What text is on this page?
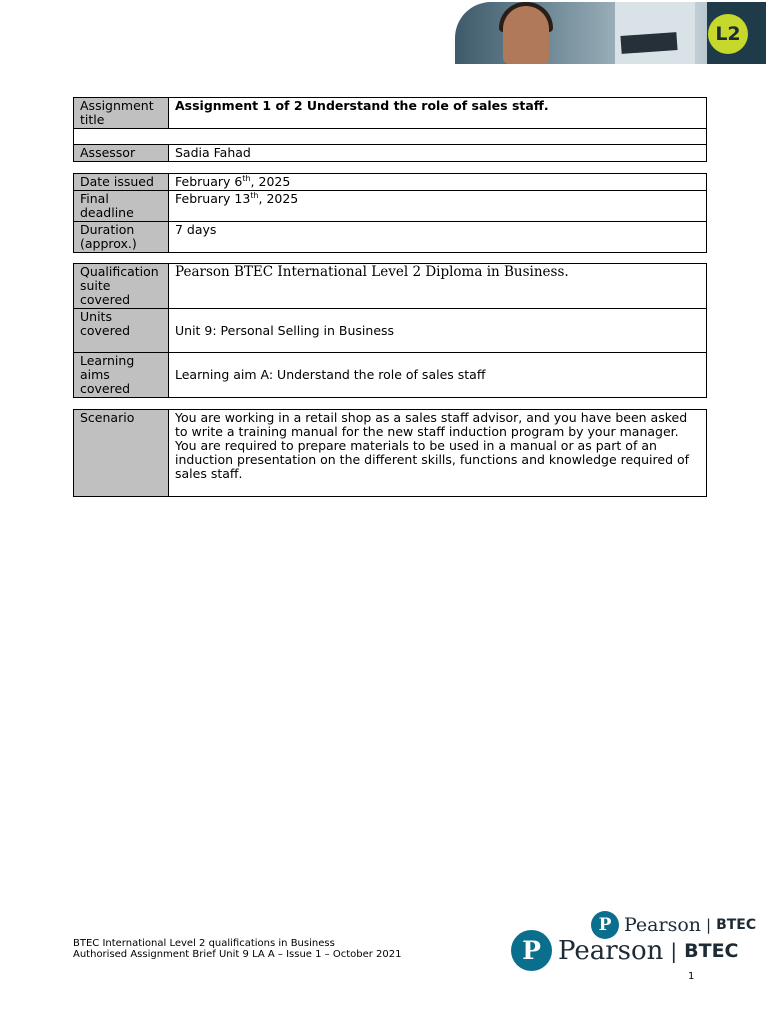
L2
Assignment title	Assignment 1 of 2 Understand the role of sales staff.

Assessor	Sadia Fahad
Date issued	February 6th, 2025
Final deadline	February 13th, 2025
Duration (approx.)	7 days
Qualification suite covered	Pearson BTEC International Level 2 Diploma in Business.
Units covered	Unit 9: Personal Selling in Business
Learning aims covered	Learning aim A: Understand the role of sales staff
Scenario	You are working in a retail shop as a sales staff advisor, and you have been asked to write a training manual for the new staff induction program by your manager. You are required to prepare materials to be used in a manual or as part of an induction presentation on the different skills, functions and knowledge required of sales staff.
BTEC International Level 2 qualifications in Business
Authorised Assignment Brief Unit 9 LA A – Issue 1 – October 2021
P Pearson | BTEC
P Pearson | BTEC
1
